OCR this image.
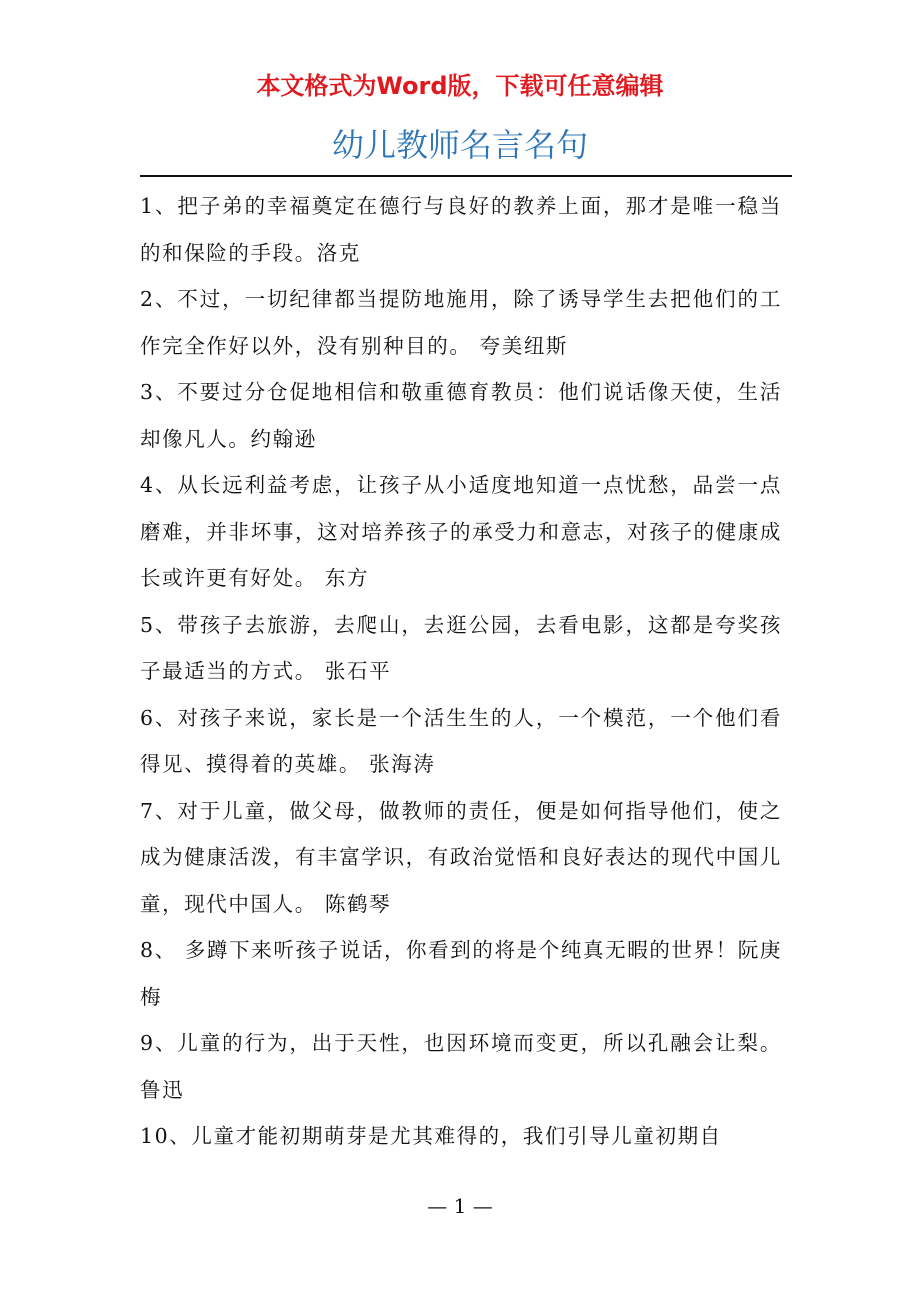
本文格式为Word版，下载可任意编辑
幼儿教师名言名句

1、把子弟的幸福奠定在德行与良好的教养上面，那才是唯一稳当的和保险的手段。洛克

2、不过，一切纪律都当提防地施用，除了诱导学生去把他们的工作完全作好以外，没有别种目的。 夸美纽斯

3、不要过分仓促地相信和敬重德育教员：他们说话像天使，生活却像凡人。约翰逊

4、从长远利益考虑，让孩子从小适度地知道一点忧愁，品尝一点磨难，并非坏事，这对培养孩子的承受力和意志，对孩子的健康成长或许更有好处。 东方

5、带孩子去旅游，去爬山，去逛公园，去看电影，这都是夸奖孩子最适当的方式。 张石平

6、对孩子来说，家长是一个活生生的人，一个模范，一个他们看得见、摸得着的英雄。 张海涛

7、对于儿童，做父母，做教师的责任，便是如何指导他们，使之成为健康活泼，有丰富学识，有政治觉悟和良好表达的现代中国儿童，现代中国人。 陈鹤琴

8、 多蹲下来听孩子说话，你看到的将是个纯真无暇的世界！阮庚梅

9、儿童的行为，出于天性，也因环境而变更，所以孔融会让梨。 鲁迅

10、儿童才能初期萌芽是尤其难得的，我们引导儿童初期自

— 1 —
